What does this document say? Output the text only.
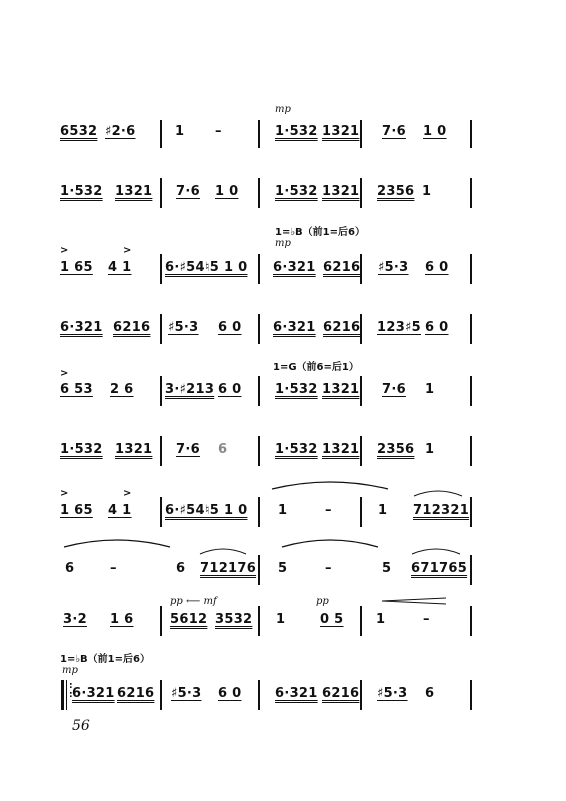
mp
6532 ♯2·6	1 –	1·532 1321 7·6 1 0
1·532 1321 7·6 1 0	1·532 1321 2356 1
1=♭B（前1=后6）
mp
>	>
1 65 4 1	6·♯54♮5 1 0 6·321 6216 ♯5·3 6 0
6·321 6216 ♯5·3 6 0 6·321 6216 123♯5 6 0
1=G（前6=后1）
>
6 53 2 6 3·♯213 6 0	1·532 1321 7·6 1
1·532 1321 7·6 6	1·532 1321 2356 1
>	>
1 65 4 1	6·♯54♮5 1 0 1	–	1 712321
6	–	6 712176 5	–	5 671765
pp ⟵ mf	pp
3·2 1 6	5612 3532 1	0 5 1	–
1=♭B（前1=后6）
mp
:
: 6·321 6216 ♯5·3 6 0	6·321 6216 ♯5·3 6
56
